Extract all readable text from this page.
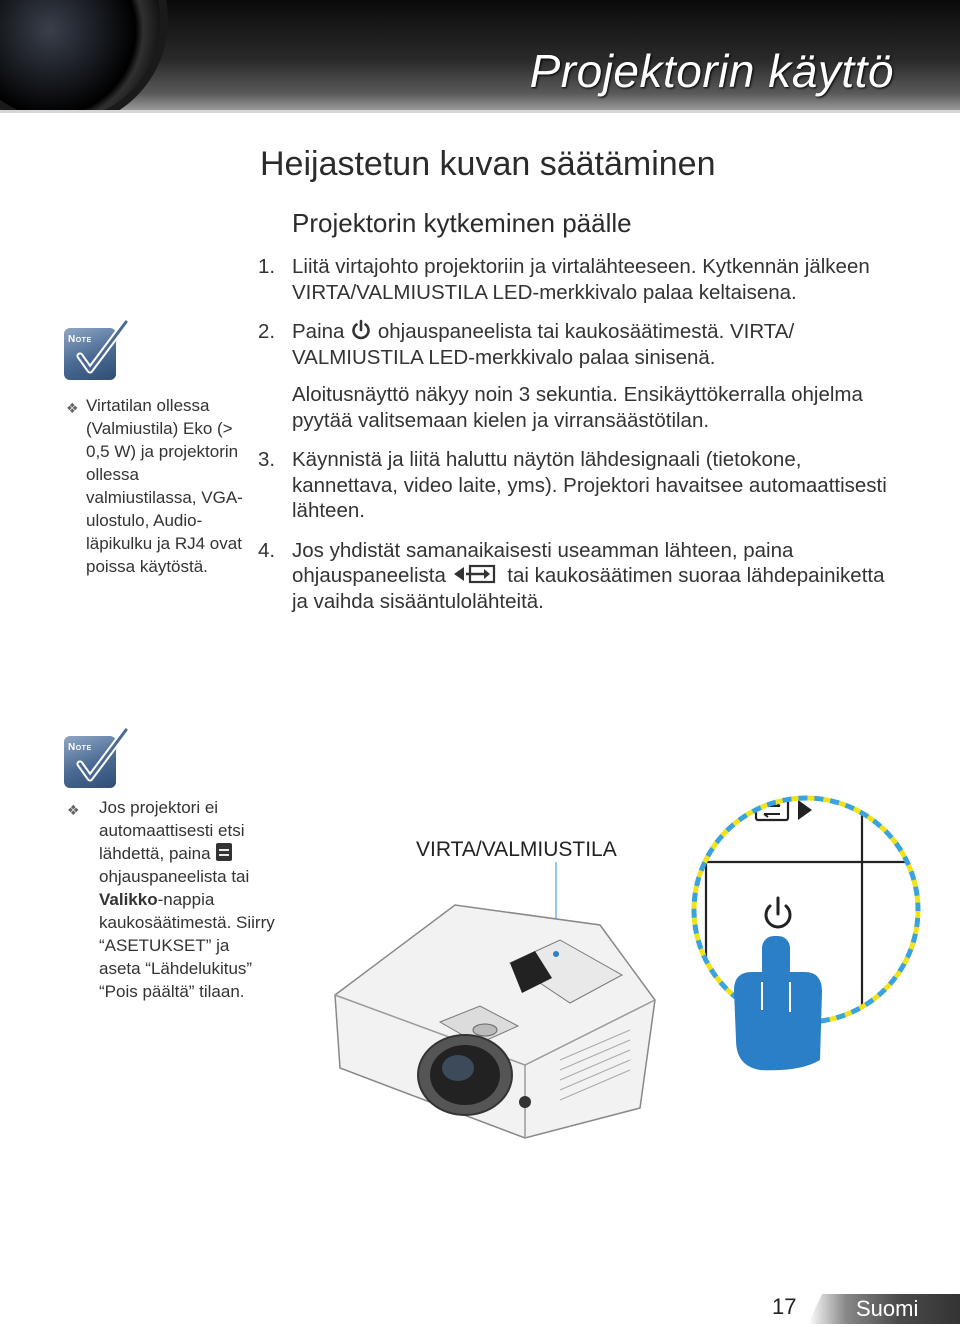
Projektorin käyttö
Heijastetun kuvan säätäminen
Projektorin kytkeminen päälle
1. Liitä virtajohto projektoriin ja virtalähteeseen. Kytkennän jälkeen VIRTA/VALMIUSTILA LED-merkkivalo palaa keltaisena.

2. Paina ohjauspaneelista tai kaukosäätimestä. VIRTA/ VALMIUSTILA LED-merkkivalo palaa sinisenä.

Aloitusnäyttö näkyy noin 3 sekuntia. Ensikäyttökerralla ohjelma pyytää valitsemaan kielen ja virransäästötilan.

3. Käynnistä ja liitä haluttu näytön lähdesignaali (tietokone, kannettava, video laite, yms). Projektori havaitsee automaattisesti lähteen.

4. Jos yhdistät samanaikaisesti useamman lähteen, paina ohjauspaneelista	tai kaukosäätimen suoraa lähdepainiketta ja vaihda sisääntulolähteitä.

Note
❖ Virtatilan ollessa (Valmiustila) Eko (> 0,5 W) ja projektorin ollessa valmiustilassa, VGA-ulostulo, Audio-läpikulku ja RJ4 ovat poissa käytöstä.
Note
❖ Jos projektori ei automaattisesti etsi lähdettä, paina  ohjauspaneelista tai Valikko-nappia kaukosäätimestä. Siirry “ASETUKSET” ja aseta “Lähdelukitus” “Pois päältä” tilaan.
VIRTA/VALMIUSTILA
17	Suomi
